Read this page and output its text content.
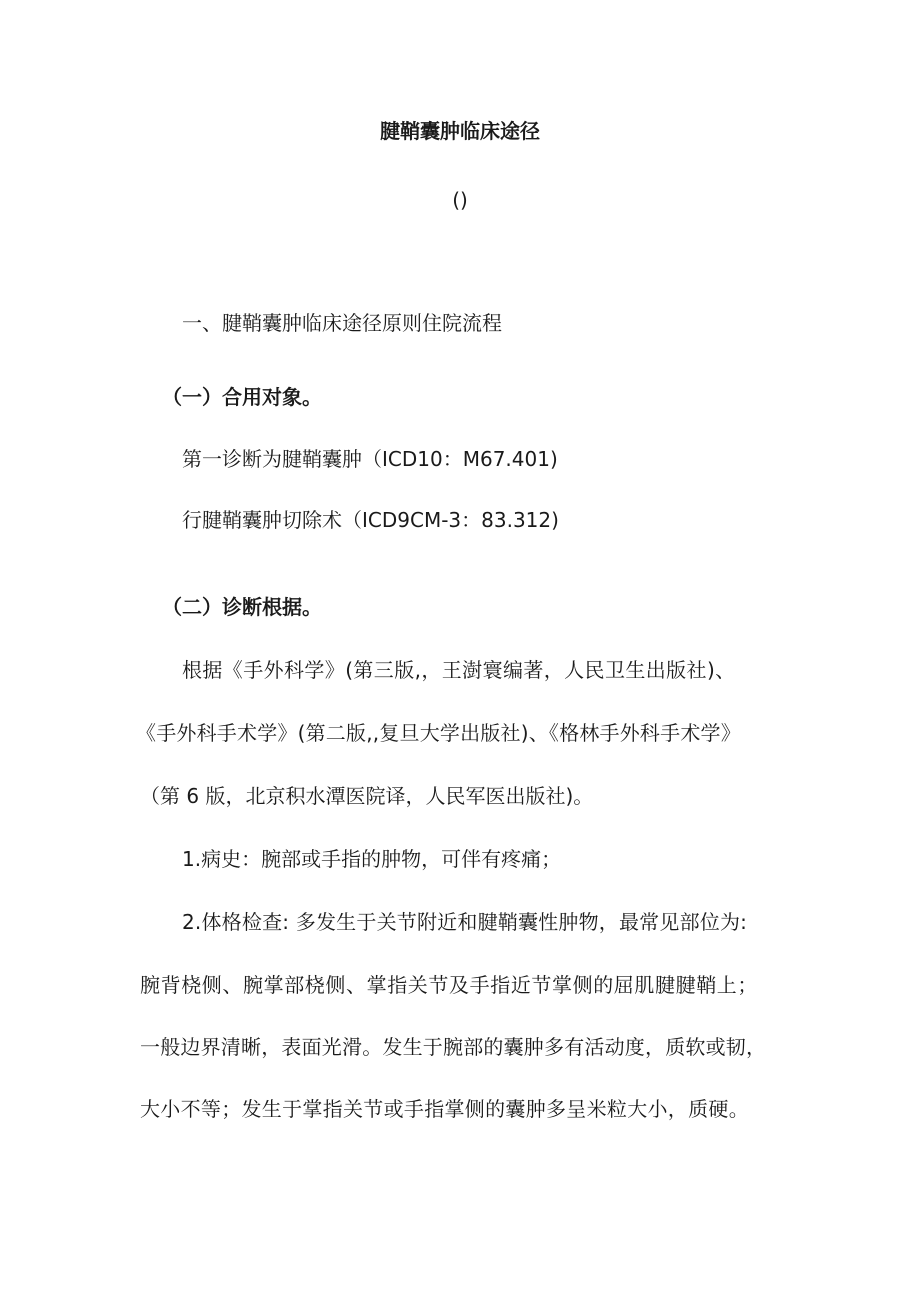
腱鞘囊肿临床途径
()
一、腱鞘囊肿临床途径原则住院流程
（一）合用对象。
第一诊断为腱鞘囊肿（ICD10：M67.401)
行腱鞘囊肿切除术（ICD9CM-3：83.312)
（二）诊断根据。
根据《手外科学》(第三版,，王澍寰编著，人民卫生出版社)、
《手外科手术学》(第二版,,复旦大学出版社)、《格林手外科手术学》
（第 6 版，北京积水潭医院译，人民军医出版社)。
1.病史：腕部或手指的肿物，可伴有疼痛；
2.体格检查: 多发生于关节附近和腱鞘囊性肿物，最常见部位为:
腕背桡侧、腕掌部桡侧、掌指关节及手指近节掌侧的屈肌腱腱鞘上；
一般边界清晰，表面光滑。发生于腕部的囊肿多有活动度，质软或韧，
大小不等；发生于掌指关节或手指掌侧的囊肿多呈米粒大小，质硬。
